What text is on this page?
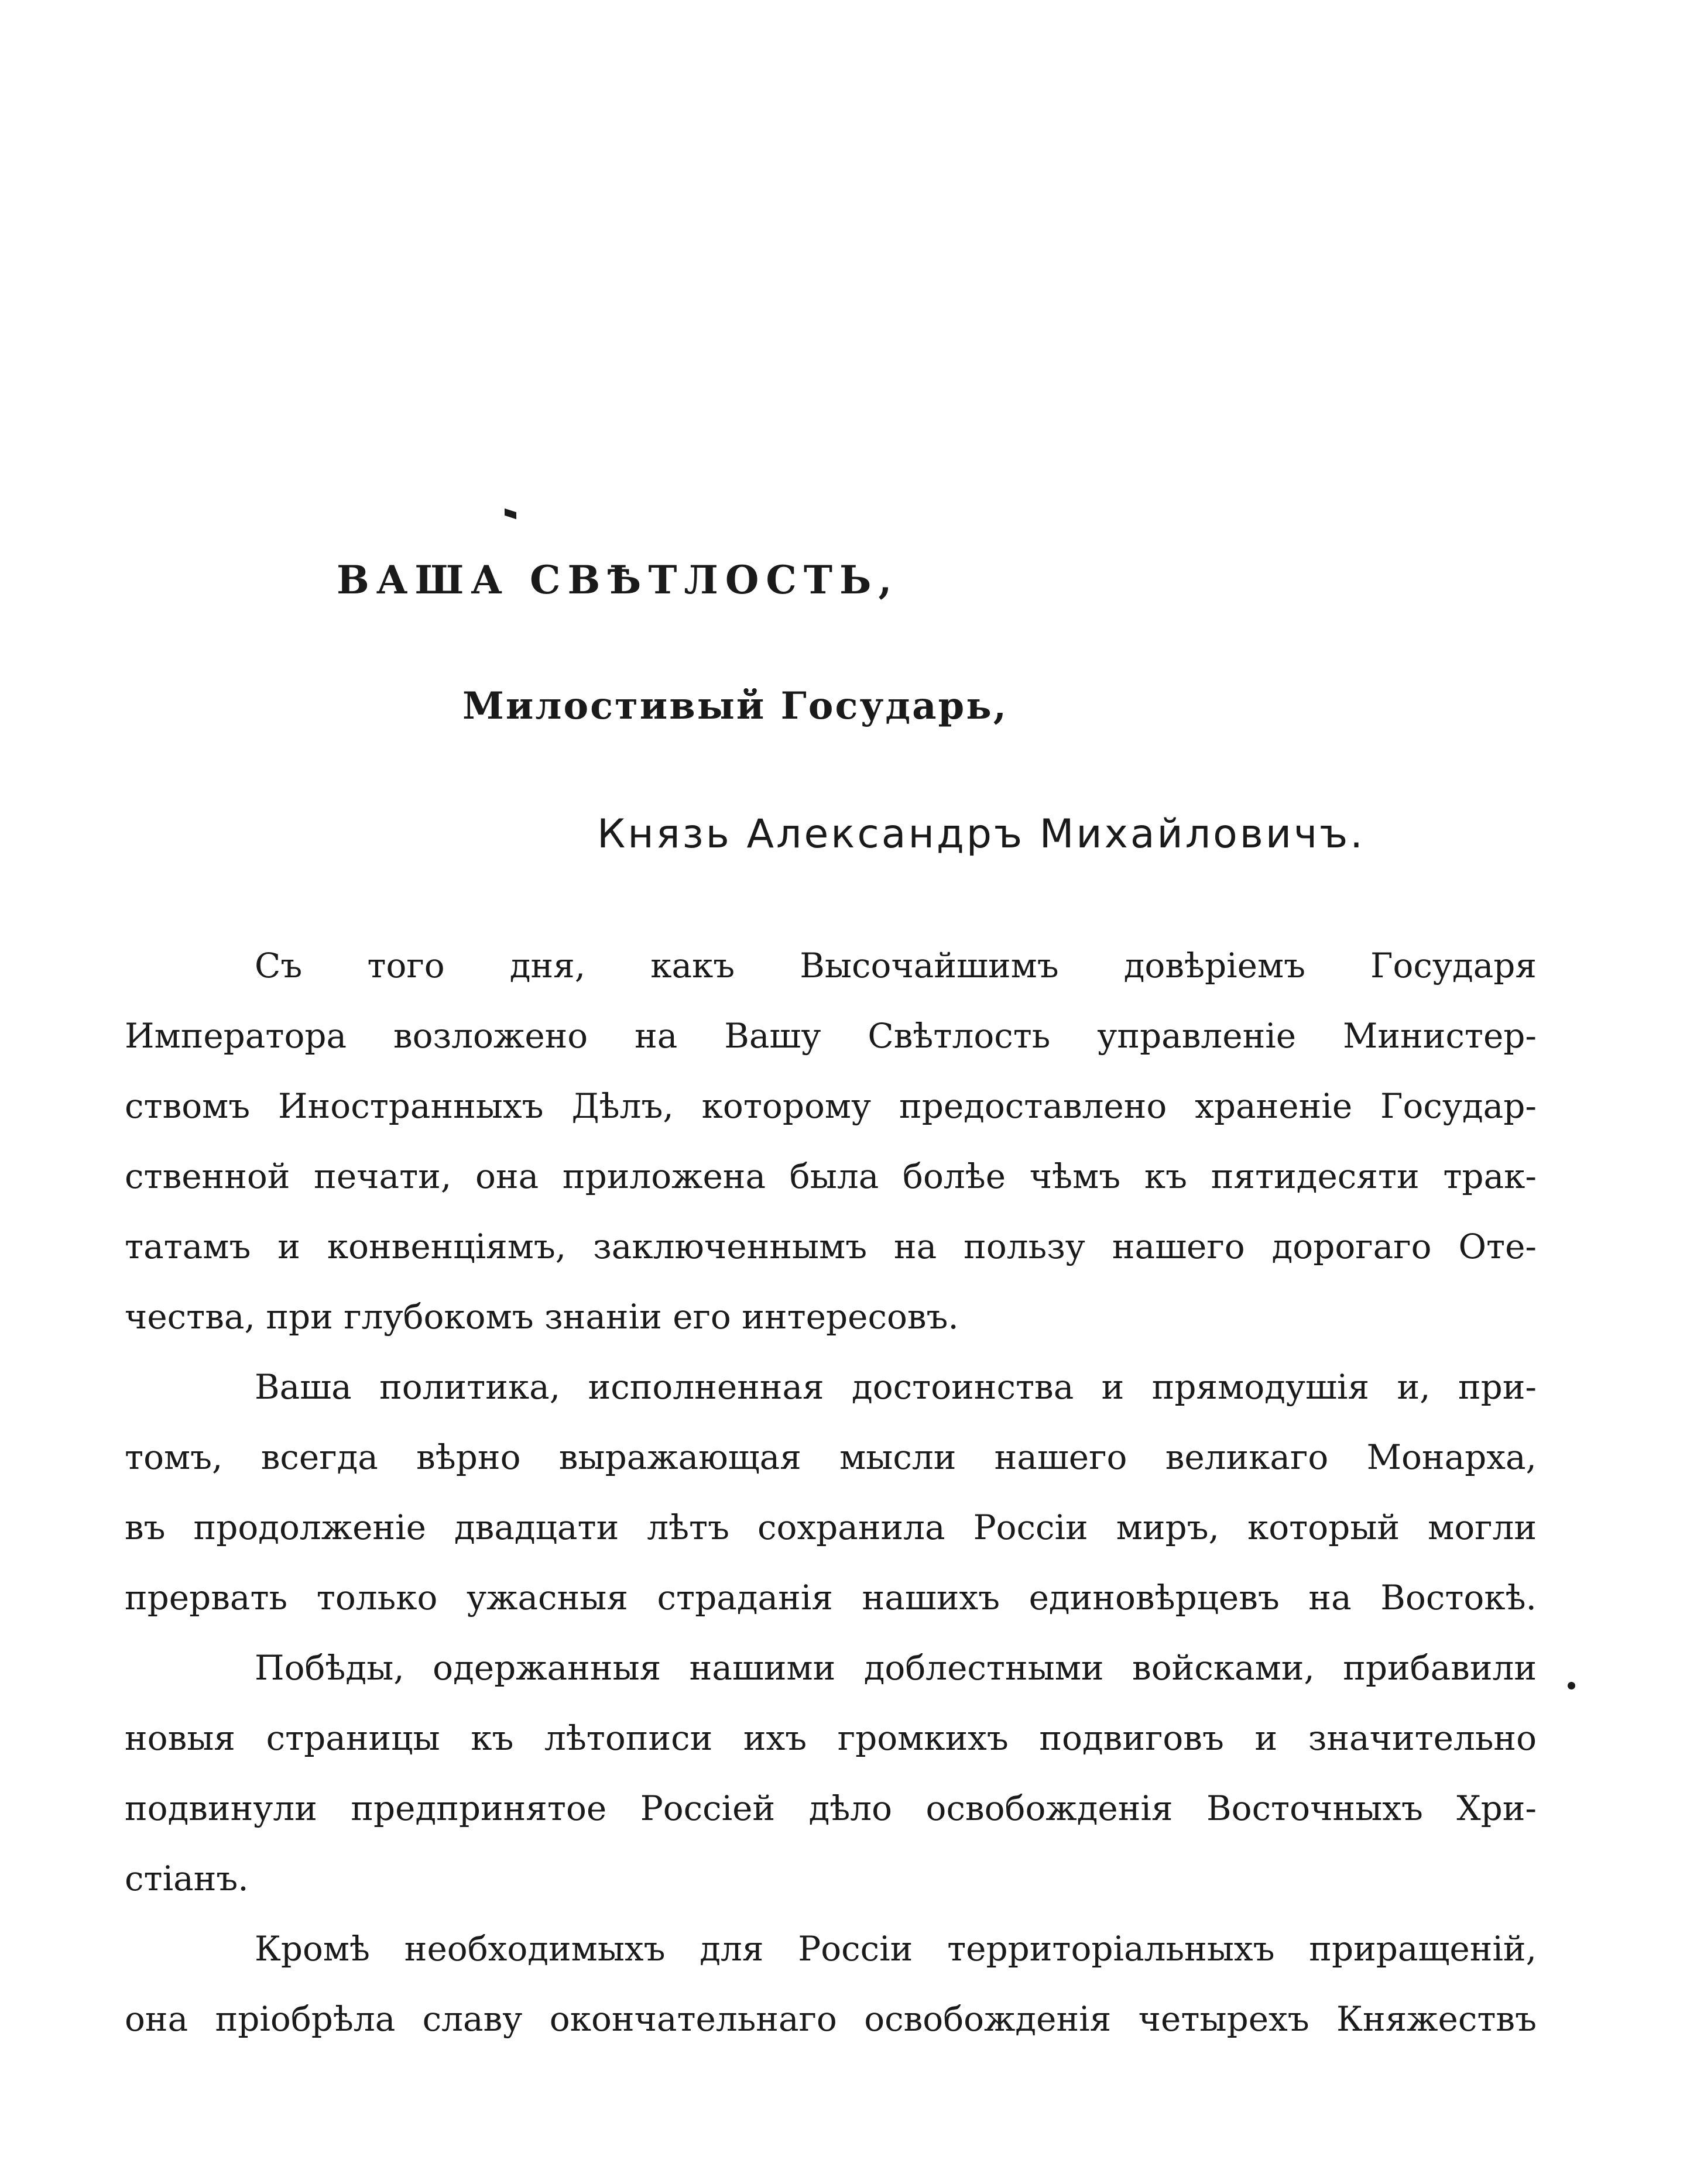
ВАША СВѢТЛОСТЬ,
Милостивый Государь,
Князь Александръ Михайловичъ.
Съ того дня, какъ Высочайшимъ довѣріемъ Государя
Императора возложено на Вашу Свѣтлость управленіе Министер-
ствомъ Иностранныхъ Дѣлъ, которому предоставлено храненіе Государ-
ственной печати, она приложена была болѣе чѣмъ къ пятидесяти трак-
татамъ и конвенціямъ, заключеннымъ на пользу нашего дорогаго Оте-
чества, при глубокомъ знаніи его интересовъ.
Ваша политика, исполненная достоинства и прямодушія и, при-
томъ, всегда вѣрно выражающая мысли нашего великаго Монарха,
въ продолженіе двадцати лѣтъ сохранила Россіи миръ, который могли
прервать только ужасныя страданія нашихъ единовѣрцевъ на Востокѣ.
Побѣды, одержанныя нашими доблестными войсками, прибавили
новыя страницы къ лѣтописи ихъ громкихъ подвиговъ и значительно
подвинули предпринятое Россіей дѣло освобожденія Восточныхъ Хри-
стіанъ.
Кромѣ необходимыхъ для Россіи территоріальныхъ приращеній,
она пріобрѣла славу окончательнаго освобожденія четырехъ Княжествъ
